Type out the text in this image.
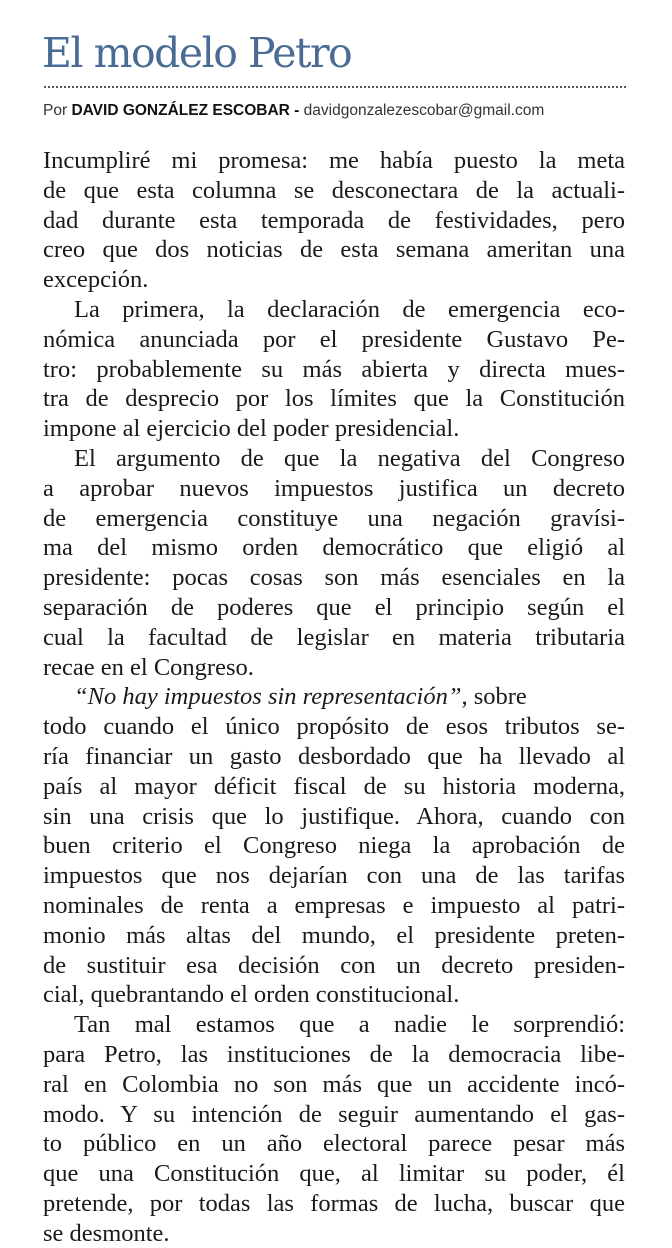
El modelo Petro
Por DAVID GONZÁLEZ ESCOBAR - davidgonzalezescobar@gmail.com
Incumpliré mi promesa: me había puesto la meta
de que esta columna se desconectara de la actuali-
dad durante esta temporada de festividades, pero
creo que dos noticias de esta semana ameritan una
excepción.
La primera, la declaración de emergencia eco-
nómica anunciada por el presidente Gustavo Pe-
tro: probablemente su más abierta y directa mues-
tra de desprecio por los límites que la Constitución
impone al ejercicio del poder presidencial.
El argumento de que la negativa del Congreso
a aprobar nuevos impuestos justifica un decreto
de emergencia constituye una negación gravísi-
ma del mismo orden democrático que eligió al
presidente: pocas cosas son más esenciales en la
separación de poderes que el principio según el
cual la facultad de legislar en materia tributaria
recae en el Congreso.
“No hay impuestos sin representación”, sobre
todo cuando el único propósito de esos tributos se-
ría financiar un gasto desbordado que ha llevado al
país al mayor déficit fiscal de su historia moderna,
sin una crisis que lo justifique. Ahora, cuando con
buen criterio el Congreso niega la aprobación de
impuestos que nos dejarían con una de las tarifas
nominales de renta a empresas e impuesto al patri-
monio más altas del mundo, el presidente preten-
de sustituir esa decisión con un decreto presiden-
cial, quebrantando el orden constitucional.
Tan mal estamos que a nadie le sorprendió:
para Petro, las instituciones de la democracia libe-
ral en Colombia no son más que un accidente incó-
modo. Y su intención de seguir aumentando el gas-
to público en un año electoral parece pesar más
que una Constitución que, al limitar su poder, él
pretende, por todas las formas de lucha, buscar que
se desmonte.
